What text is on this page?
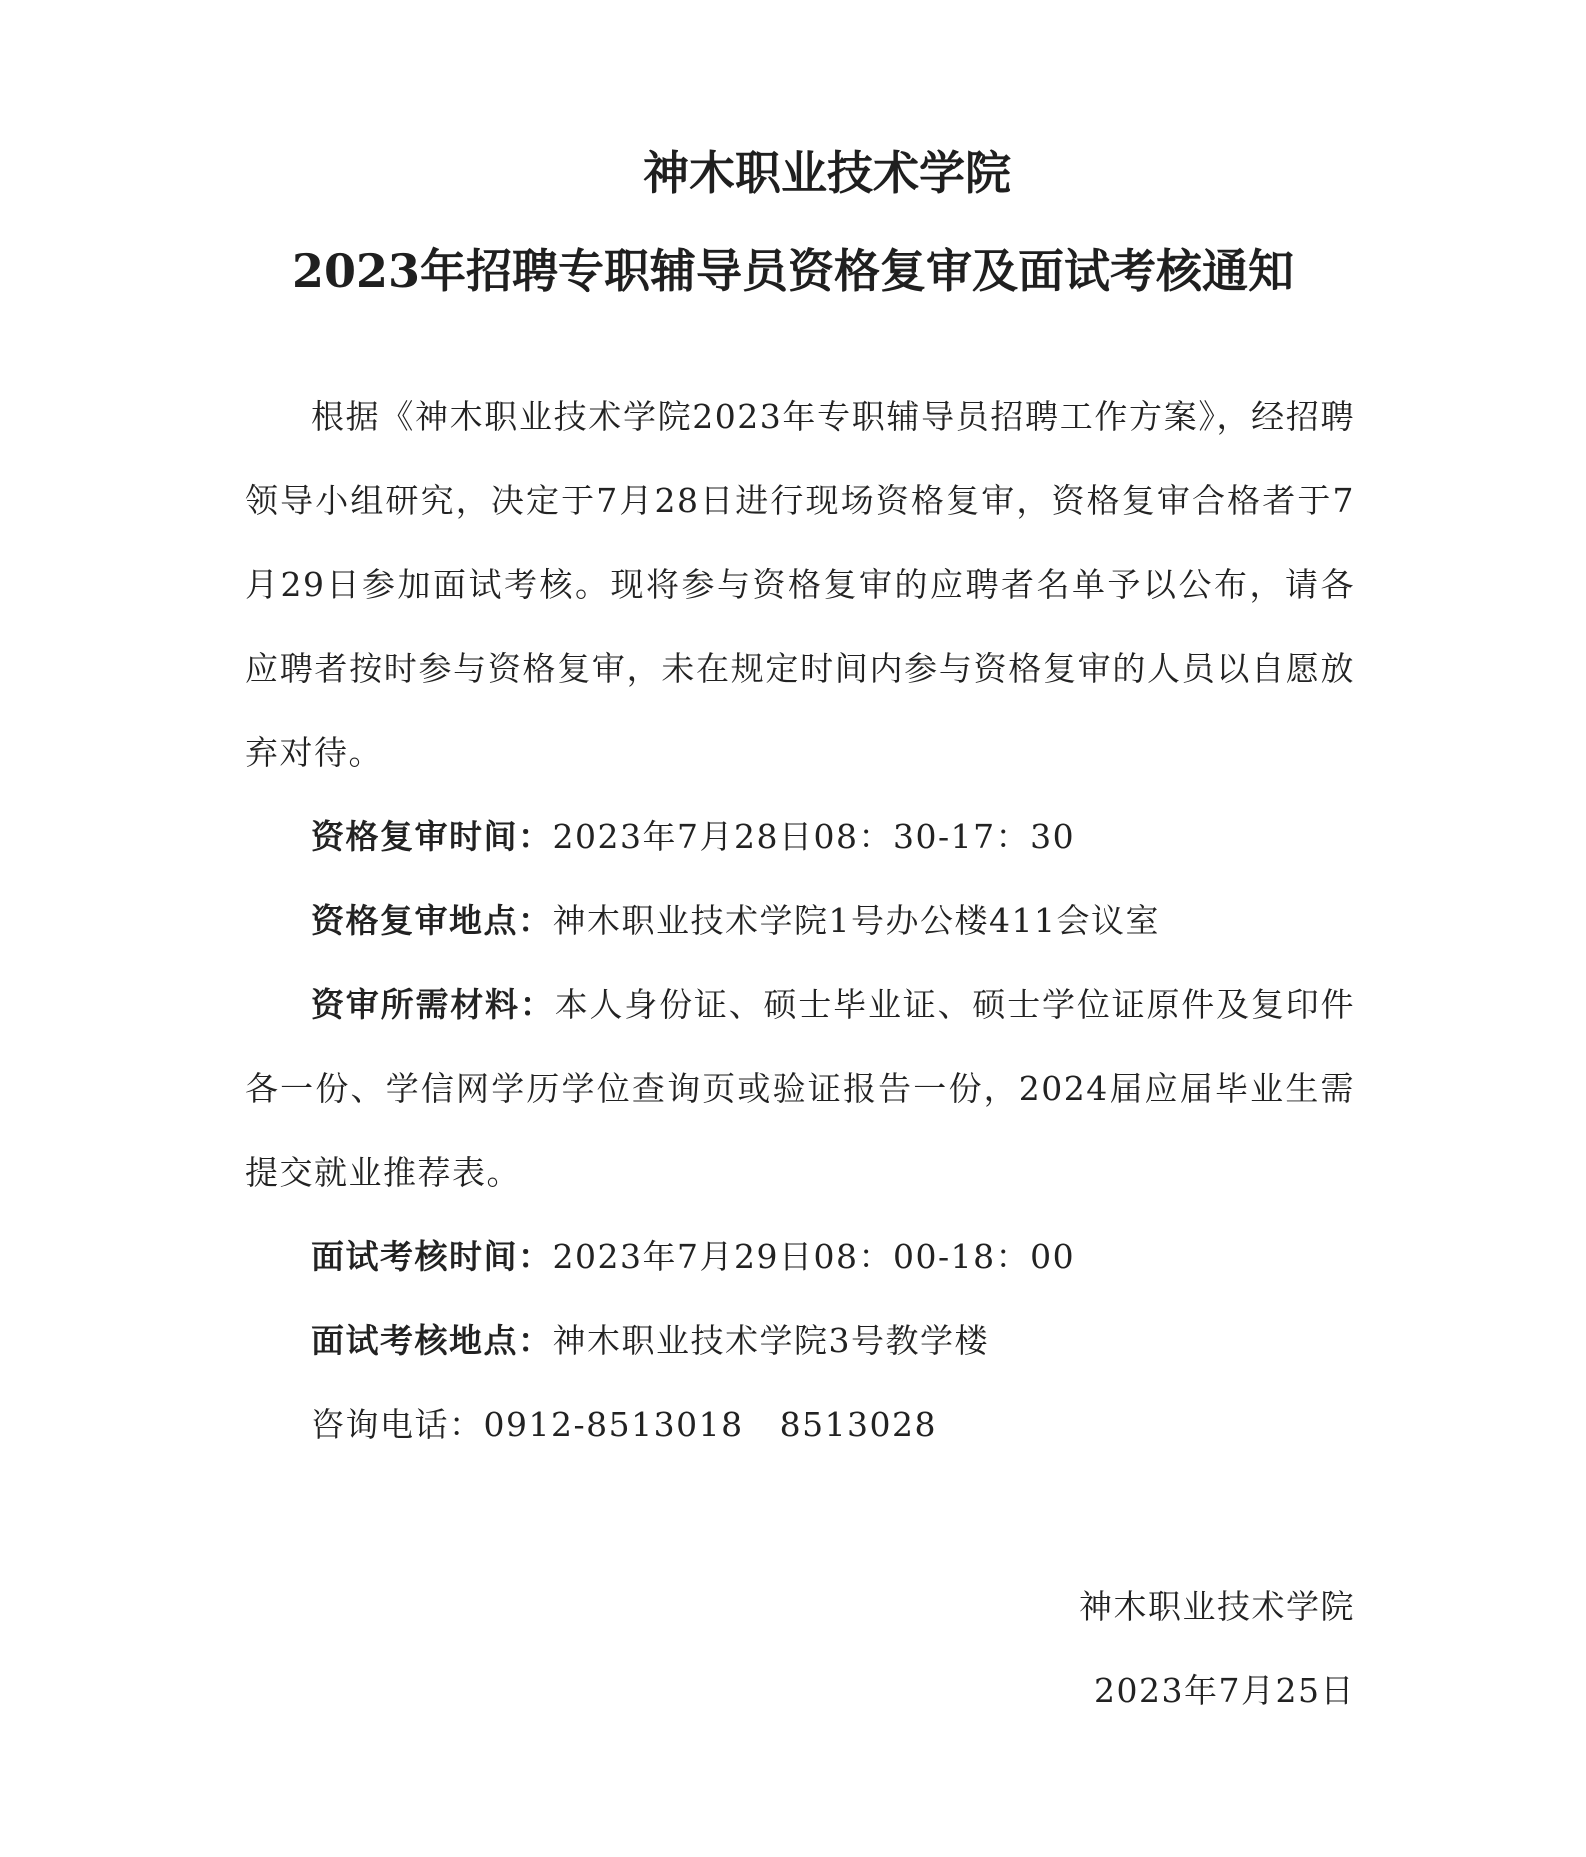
神木职业技术学院
2023年招聘专职辅导员资格复审及面试考核通知

根据《神木职业技术学院2023年专职辅导员招聘工作方案》，经招聘领导小组研究，决定于7月28日进行现场资格复审，资格复审合格者于7月29日参加面试考核。现将参与资格复审的应聘者名单予以公布，请各应聘者按时参与资格复审，未在规定时间内参与资格复审的人员以自愿放弃对待。

资格复审时间：2023年7月28日08：30-17：30

资格复审地点：神木职业技术学院1号办公楼411会议室

资审所需材料：本人身份证、硕士毕业证、硕士学位证原件及复印件各一份、学信网学历学位查询页或验证报告一份，2024届应届毕业生需提交就业推荐表。

面试考核时间：2023年7月29日08：00-18：00

面试考核地点：神木职业技术学院3号教学楼

咨询电话：0912-8513018   8513028

神木职业技术学院
2023年7月25日
